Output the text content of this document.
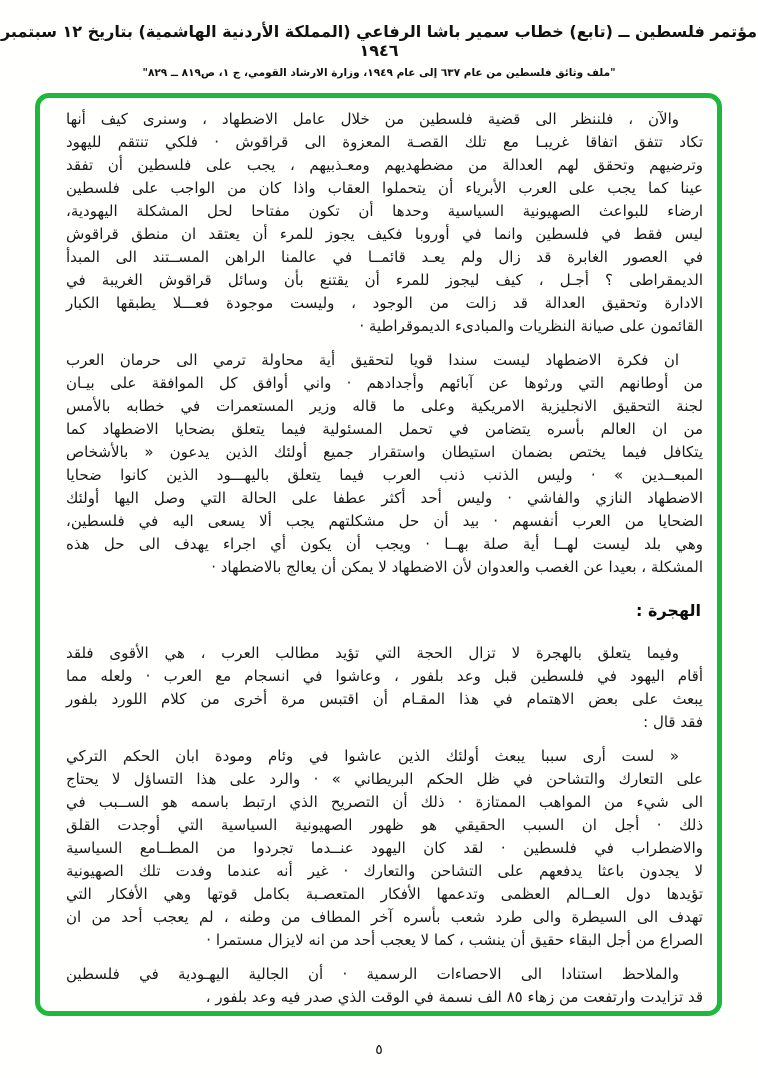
مؤتمر فلسطين ــ (تابع) خطاب سمير باشا الرفاعي (المملكة الأردنية الهاشمية) بتاريخ ١٢ سبتمبر ١٩٤٦
"ملف وثائق فلسطين من عام ٦٣٧ إلى عام ١٩٤٩، وزارة الارشاد القومي، ج ١، ص٨١٩ ــ ٨٢٩"
والآن ، فلننظر الى قضية فلسطين من خلال عامل الاضطهاد ، وسنرى كيف أنها
تكاد تتفق اتفاقا غريبـا مع تلك القصـة المعزوة الى قراقوش · فلكي تنتقم لليهود
وترضيهم وتحقق لهم العدالة من مضطهديهم ومعـذبيهم ، يجب على فلسطين أن تفقد
عينا كما يجب على العرب الأبرياء أن يتحملوا العقاب واذا كان من الواجب على فلسطين
ارضاء للبواعث الصهيونية السياسية وحدها أن تكون مفتاحا لحل المشكلة اليهودية،
ليس فقط في فلسطين وانما في أوروبا فكيف يجوز للمرء أن يعتقد ان منطق قراقوش
في العصور الغابرة قد زال ولم يعـد قائمــا في عالمنا الراهن المســتند الى المبدأ
الديمقراطى ؟ أجـل ، كيف ليجوز للمرء أن يقتنع بأن وسائل قراقوش الغريبة في
الادارة وتحقيق العدالة قد زالت من الوجود ، وليست موجودة فعـــلا يطبقها الكبار
القائمون على صيانة النظريات والمبادىء الديموقراطية ·
ان فكرة الاضطهاد ليست سندا قويا لتحقيق أية محاولة ترمي الى حرمان العرب
من أوطانهم التي ورثوها عن آبائهم وأجدادهم · واني أوافق كل الموافقة على بيـان
لجنة التحقيق الانجليزية الامريكية وعلى ما قاله وزير المستعمرات في خطابه بالأمس
من ان العالم بأسره يتضامن في تحمل المسئولية فيما يتعلق بضحايا الاضطهاد كما
يتكافل فيما يختص بضمان استيطان واستقرار جميع أولئك الذين يدعون « بالأشخاص
المبعــدين » · وليس الذنب ذنب العرب فيما يتعلق باليهـــود الذين كانوا ضحايا
الاضطهاد النازي والفاشي · وليس أحد أكثر عطفا على الحالة التي وصل اليها أولئك
الضحايا من العرب أنفسهم · بيد أن حل مشكلتهم يجب ألا يسعى اليه في فلسطين،
وهي بلد ليست لهــا أية صلة بهــا · ويجب أن يكون أي اجراء يهدف الى حل هذه
المشكلة ، بعيدا عن الغصب والعدوان لأن الاضطهاد لا يمكن أن يعالج بالاضطهاد ·
الهجرة :
وفيما يتعلق بالهجرة لا تزال الحجة التي تؤيد مطالب العرب ، هي الأقوى فلقد
أقام اليهود في فلسطين قبل وعد بلفور ، وعاشوا في انسجام مع العرب · ولعله مما
يبعث على بعض الاهتمام في هذا المقـام أن اقتبس مرة أخرى من كلام اللورد بلفور
فقد قال :
« لست أرى سببا يبعث أولئك الذين عاشوا في وئام ومودة ابان الحكم التركي
على التعارك والتشاحن في ظل الحكم البريطاني » · والرد على هذا التساؤل لا يحتاج
الى شيء من المواهب الممتازة · ذلك أن التصريح الذي ارتبط باسمه هو الســبب في
ذلك · أجل ان السبب الحقيقي هو ظهور الصهيونية السياسية التي أوجدت القلق
والاضطراب في فلسطين · لقد كان اليهود عنــدما تجردوا من المطــامع السياسية
لا يجدون باعثا يدفعهم على التشاحن والتعارك · غير أنه عندما وفدت تلك الصهيونية
تؤيدها دول العــالم العظمى وتدعمها الأفكار المتعصـبة بكامل قوتها وهي الأفكار التي
تهدف الى السيطرة والى طرد شعب بأسره آخر المطاف من وطنه ، لم يعجب أحد من ان
الصراع من أجل البقاء حقيق أن ينشب ، كما لا يعجب أحد من انه لايزال مستمرا ·
والملاحظ استنادا الى الاحصاءات الرسمية · أن الجالية اليهـودية في فلسطين
قد تزايدت وارتفعت من زهاء ٨٥ الف نسمة في الوقت الذي صدر فيه وعد بلفور ،
٥
